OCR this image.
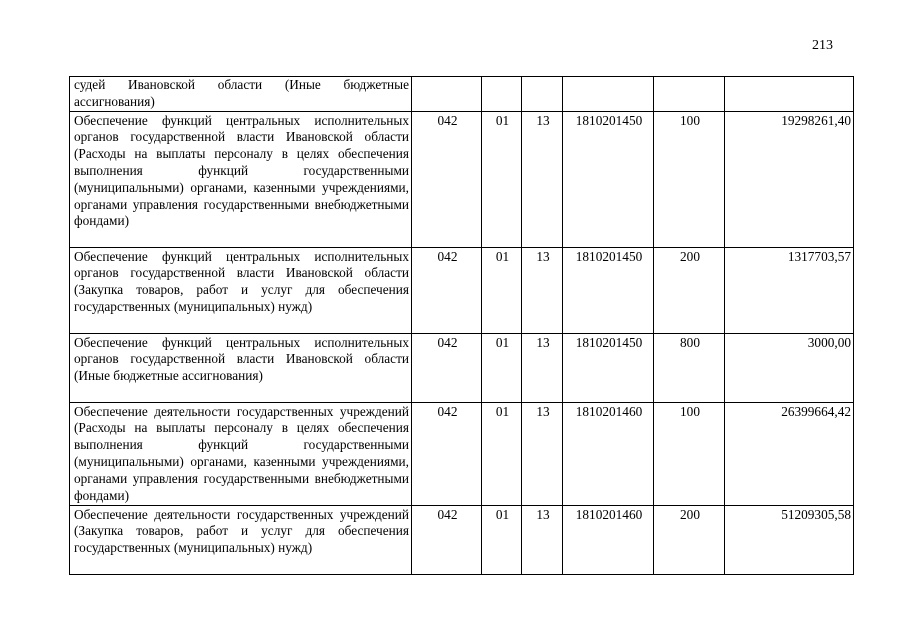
213
судей Ивановской области (Иные бюджетные ассигнования)						
Обеспечение функций центральных исполнительных органов государственной власти Ивановской области (Расходы на выплаты персоналу в целях обеспечения выполнения функций государственными (муниципальными) органами, казенными учреждениями, органами управления государственными внебюджетными фондами)	042	01	13	1810201450	100	19298261,40
Обеспечение функций центральных исполнительных органов государственной власти Ивановской области (Закупка товаров, работ и услуг для обеспечения государственных (муниципальных) нужд)	042	01	13	1810201450	200	1317703,57
Обеспечение функций центральных исполнительных органов государственной власти Ивановской области (Иные бюджетные ассигнования)	042	01	13	1810201450	800	3000,00
Обеспечение деятельности государственных учреждений (Расходы на выплаты персоналу в целях обеспечения выполнения функций государственными (муниципальными) органами, казенными учреждениями, органами управления государственными внебюджетными фондами)	042	01	13	1810201460	100	26399664,42
Обеспечение деятельности государственных учреждений (Закупка товаров, работ и услуг для обеспечения государственных (муниципальных) нужд)	042	01	13	1810201460	200	51209305,58
